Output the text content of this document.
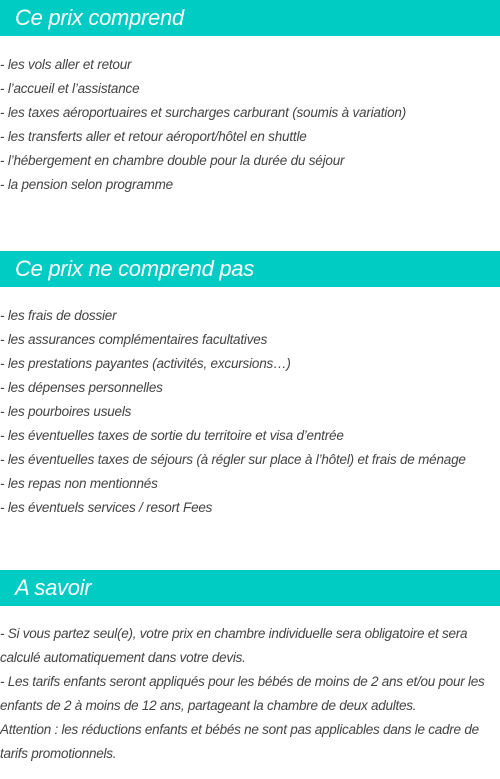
Ce prix comprend
- les vols aller et retour
- l’accueil et l’assistance
- les taxes aéroportuaires et surcharges carburant (soumis à variation)
- les transferts aller et retour aéroport/hôtel en shuttle
- l’hébergement en chambre double pour la durée du séjour
- la pension selon programme
Ce prix ne comprend pas
- les frais de dossier
- les assurances complémentaires facultatives
- les prestations payantes (activités, excursions…)
- les dépenses personnelles
- les pourboires usuels
- les éventuelles taxes de sortie du territoire et visa d’entrée
- les éventuelles taxes de séjours (à régler sur place à l’hôtel) et frais de ménage
- les repas non mentionnés
- les éventuels services / resort Fees
A savoir

- Si vous partez seul(e), votre prix en chambre individuelle sera obligatoire et sera calculé automatiquement dans votre devis.

- Les tarifs enfants seront appliqués pour les bébés de moins de 2 ans et/ou pour les enfants de 2 à moins de 12 ans, partageant la chambre de deux adultes.

Attention : les réductions enfants et bébés ne sont pas applicables dans le cadre de tarifs promotionnels.
